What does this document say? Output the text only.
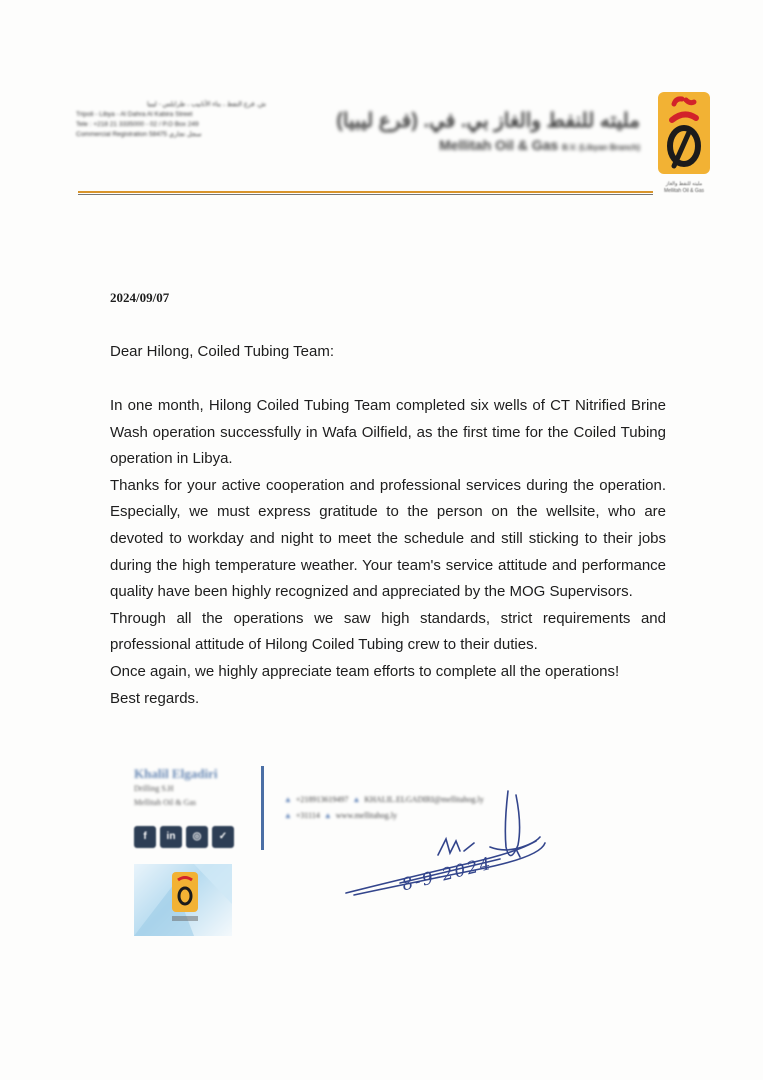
ش. فرع النفط ، بناء الأنابيب ، طرابلس - ليبيا
Tripoli - Libya - Al Dahra Al Kabira Street
Tele : +218 21 3335000 - 02 / P.O Box 249
Commercial Registration 58475 سجل تجاري
مليته للنفط والغاز بي. في. (فرع ليبيا)
Mellitah Oil & Gas B.V. (Libyan Branch)
مليته للنفط والغاز
Mellitah Oil & Gas
2024/09/07
Dear Hilong, Coiled Tubing Team:

In one month, Hilong Coiled Tubing Team completed six wells of CT Nitrified Brine Wash operation successfully in Wafa Oilfield, as the first time for the Coiled Tubing operation in Libya.

Thanks for your active cooperation and professional services during the operation. Especially, we must express gratitude to the person on the wellsite, who are devoted to workday and night to meet the schedule and still sticking to their jobs during the high temperature weather. Your team's service attitude and performance quality have been highly recognized and appreciated by the MOG Supervisors.

Through all the operations we saw high standards, strict requirements and professional attitude of Hilong Coiled Tubing crew to their duties.

Once again, we highly appreciate team efforts to complete all the operations!

Best regards.

Khalil Elgadiri
Drilling S.H
Mellitah Oil & Gas
f	in	◎	✓
▲ +218913619497 ▲ KHALIL.ELGADIRI@mellitahog.ly
▲ +31114 ▲ www.mellitahog.ly
8-9-2024
